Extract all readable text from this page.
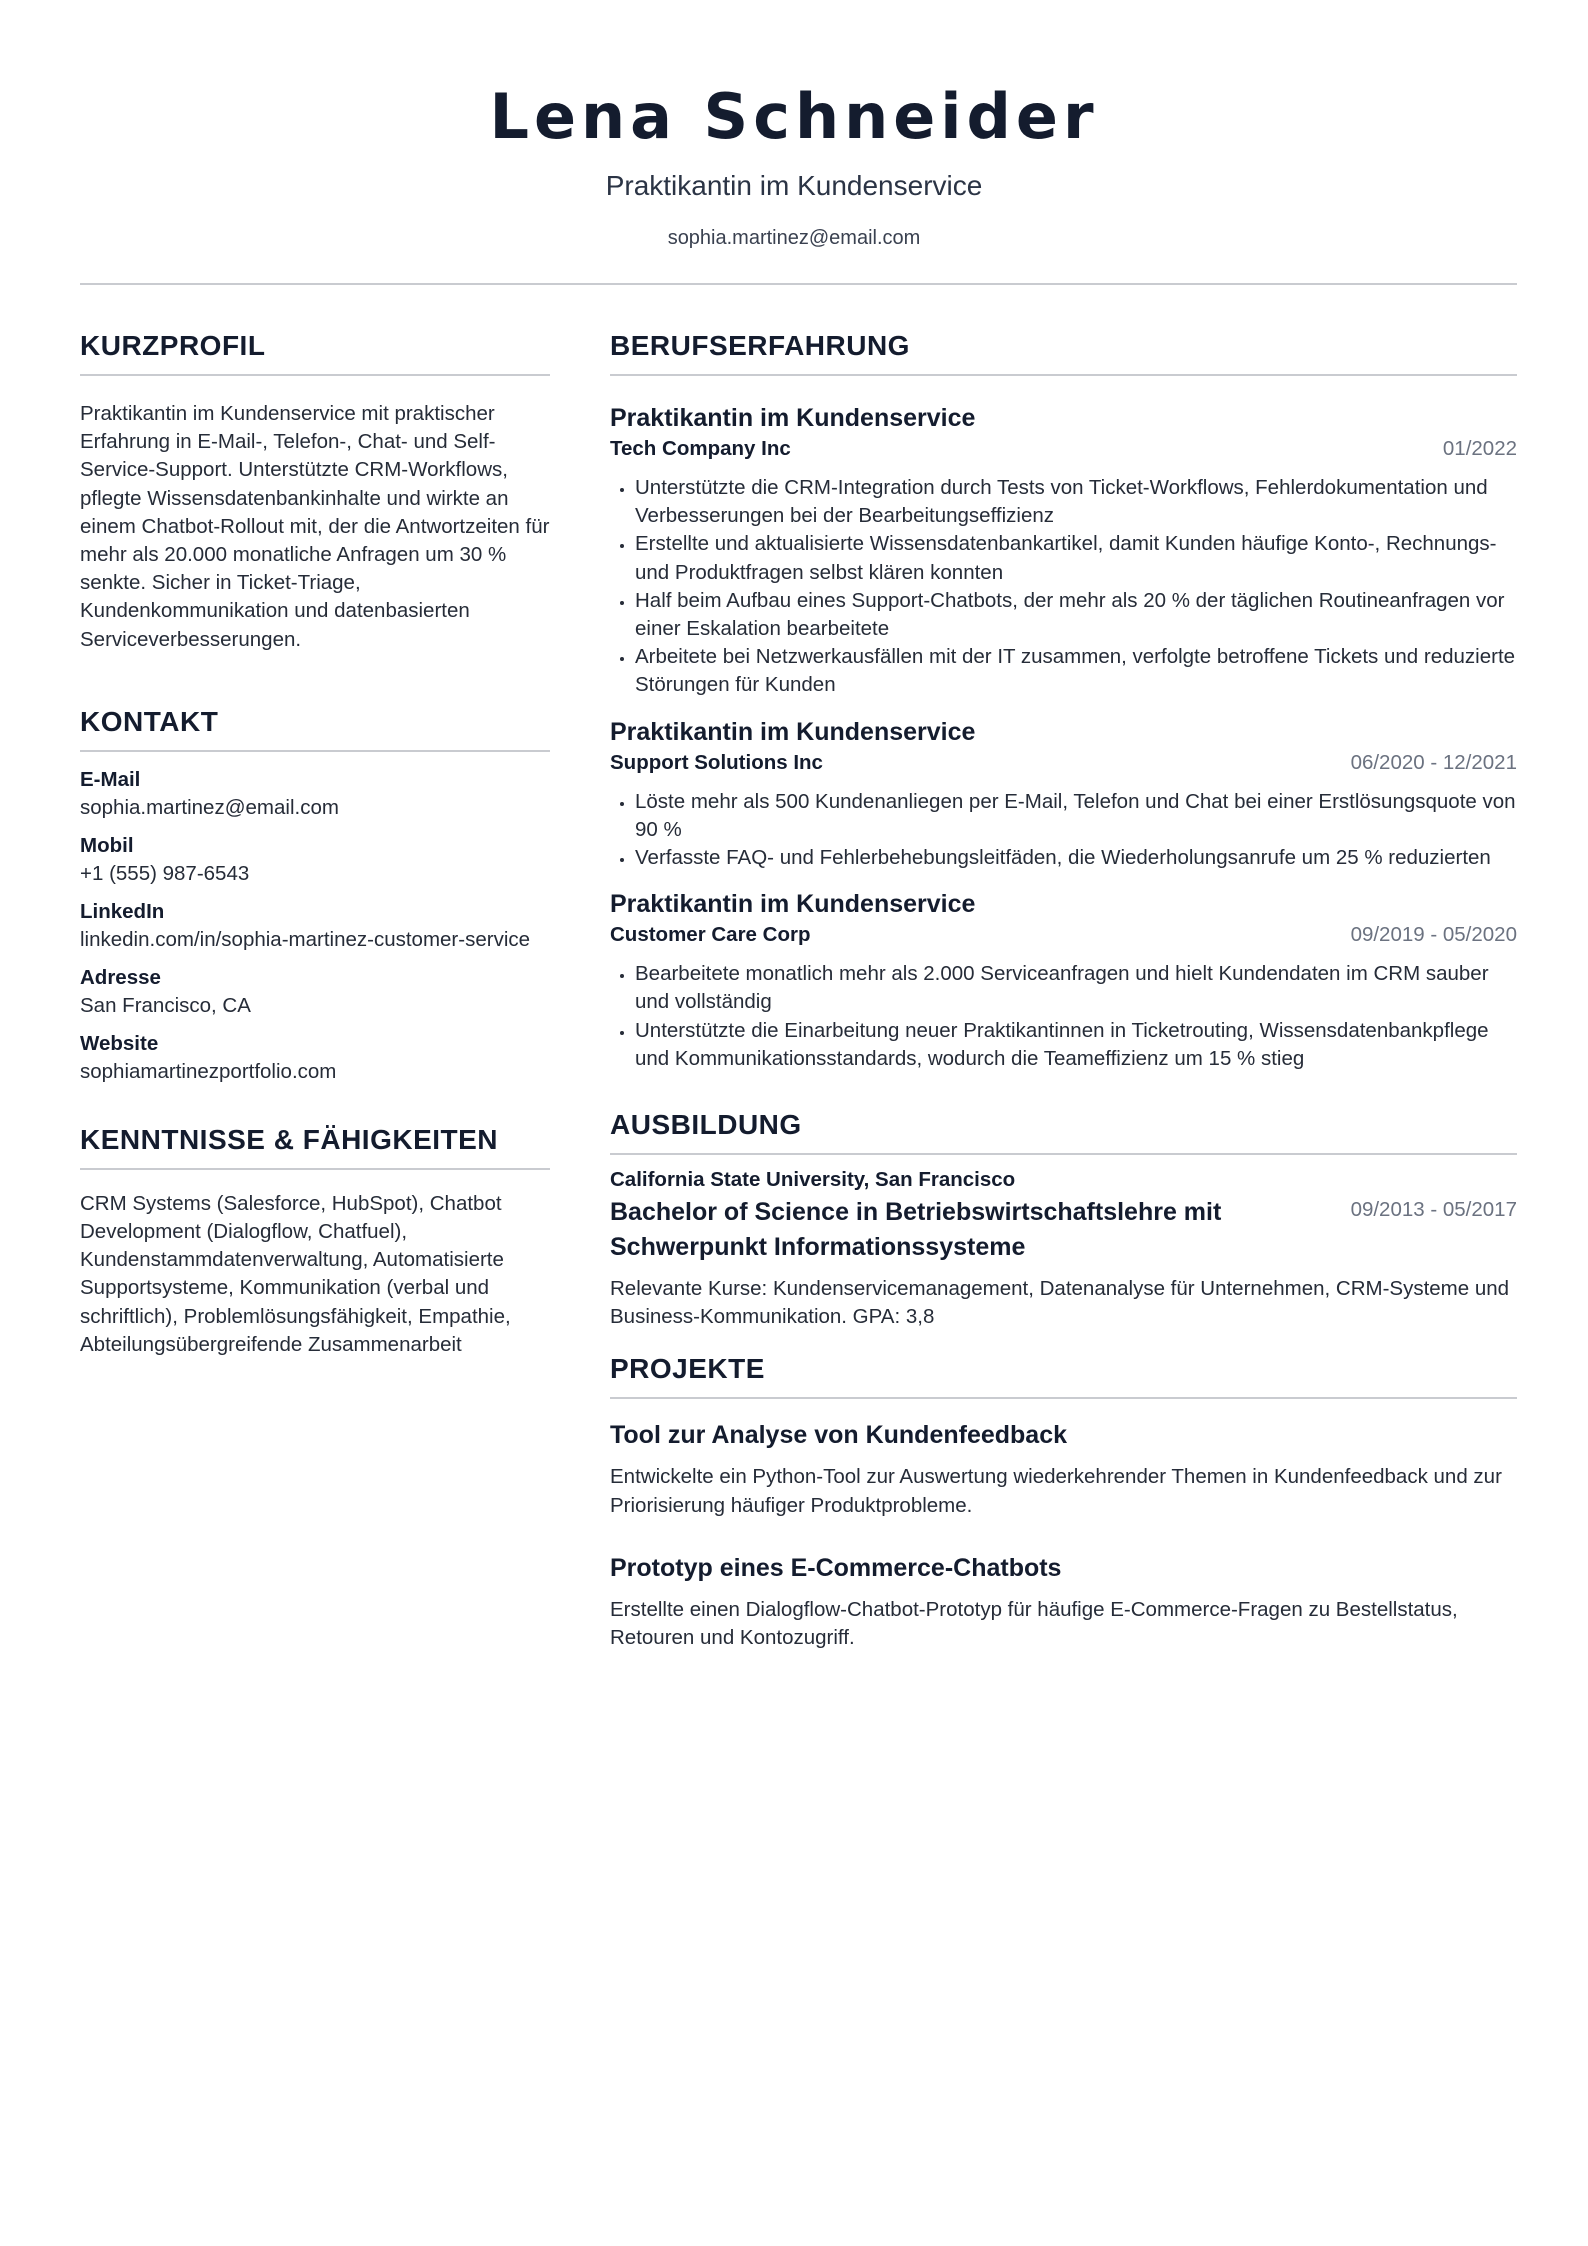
Lena Schneider
Praktikantin im Kundenservice
sophia.martinez@email.com
KURZPROFIL
Praktikantin im Kundenservice mit praktischer Erfahrung in E-Mail-, Telefon-, Chat- und Self-Service-Support. Unterstützte CRM-Workflows, pflegte Wissensdatenbankinhalte und wirkte an einem Chatbot-Rollout mit, der die Antwortzeiten für mehr als 20.000 monatliche Anfragen um 30 % senkte. Sicher in Ticket-Triage, Kundenkommunikation und datenbasierten Serviceverbesserungen.
KONTAKT
E-Mail
sophia.martinez@email.com
Mobil
+1 (555) 987-6543
LinkedIn
linkedin.com/in/sophia-martinez-customer-service
Adresse
San Francisco, CA
Website
sophiamartinezportfolio.com
KENNTNISSE & FÄHIGKEITEN
CRM Systems (Salesforce, HubSpot), Chatbot Development (Dialogflow, Chatfuel), Kundenstammdatenverwaltung, Automatisierte Supportsysteme, Kommunikation (verbal und schriftlich), Problemlösungsfähigkeit, Empathie, Abteilungsübergreifende Zusammenarbeit
BERUFSERFAHRUNG
Praktikantin im Kundenservice
Tech Company Inc	01/2022
• Unterstützte die CRM-Integration durch Tests von Ticket-Workflows, Fehlerdokumentation und Verbesserungen bei der Bearbeitungseffizienz
• Erstellte und aktualisierte Wissensdatenbankartikel, damit Kunden häufige Konto-, Rechnungs- und Produktfragen selbst klären konnten
• Half beim Aufbau eines Support-Chatbots, der mehr als 20 % der täglichen Routineanfragen vor einer Eskalation bearbeitete
• Arbeitete bei Netzwerkausfällen mit der IT zusammen, verfolgte betroffene Tickets und reduzierte Störungen für Kunden
Praktikantin im Kundenservice
Support Solutions Inc	06/2020 - 12/2021
• Löste mehr als 500 Kundenanliegen per E-Mail, Telefon und Chat bei einer Erstlösungsquote von 90 %
• Verfasste FAQ- und Fehlerbehebungsleitfäden, die Wiederholungsanrufe um 25 % reduzierten
Praktikantin im Kundenservice
Customer Care Corp	09/2019 - 05/2020
• Bearbeitete monatlich mehr als 2.000 Serviceanfragen und hielt Kundendaten im CRM sauber und vollständig
• Unterstützte die Einarbeitung neuer Praktikantinnen in Ticketrouting, Wissensdatenbankpflege und Kommunikationsstandards, wodurch die Teameffizienz um 15 % stieg
AUSBILDUNG
California State University, San Francisco
Bachelor of Science in Betriebswirtschaftslehre mit Schwerpunkt Informationssysteme
09/2013 - 05/2017
Relevante Kurse: Kundenservicemanagement, Datenanalyse für Unternehmen, CRM-Systeme und Business-Kommunikation. GPA: 3,8
PROJEKTE
Tool zur Analyse von Kundenfeedback
Entwickelte ein Python-Tool zur Auswertung wiederkehrender Themen in Kundenfeedback und zur Priorisierung häufiger Produktprobleme.
Prototyp eines E-Commerce-Chatbots
Erstellte einen Dialogflow-Chatbot-Prototyp für häufige E-Commerce-Fragen zu Bestellstatus, Retouren und Kontozugriff.
